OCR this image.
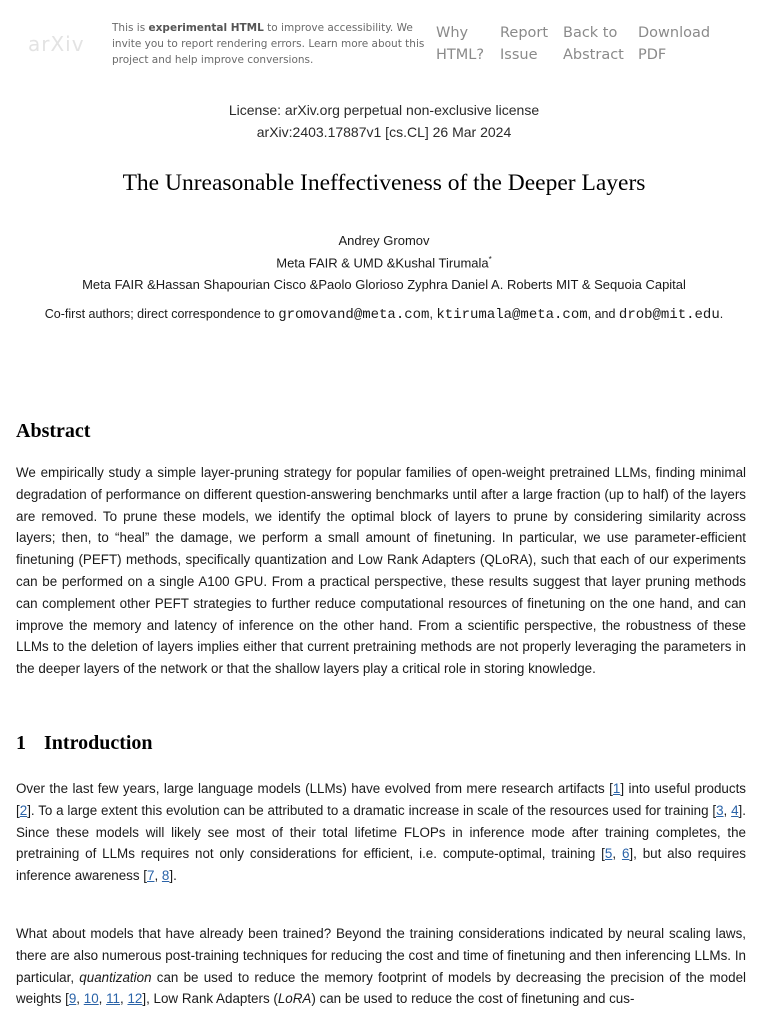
arXiv
This is experimental HTML to improve accessibility. We invite you to report rendering errors. Learn more about this project and help improve conversions.
Why
HTML?
Report
Issue
Back to
Abstract
Download
PDF
License: arXiv.org perpetual non-exclusive license
arXiv:2403.17887v1 [cs.CL] 26 Mar 2024
The Unreasonable Ineffectiveness of the Deeper Layers
Andrey Gromov
Meta FAIR & UMD &Kushal Tirumala*
Meta FAIR &Hassan Shapourian Cisco &Paolo Glorioso Zyphra Daniel A. Roberts MIT & Sequoia Capital
Co-first authors; direct correspondence to gromovand@meta.com, ktirumala@meta.com, and drob@mit.edu.
Abstract

We empirically study a simple layer-pruning strategy for popular families of open-weight pretrained LLMs, finding minimal degradation of performance on different question-answering benchmarks until after a large fraction (up to half) of the layers are removed. To prune these models, we identify the optimal block of layers to prune by considering similarity across layers; then, to “heal” the damage, we perform a small amount of finetuning. In particular, we use parameter-efficient finetuning (PEFT) methods, specifically quantization and Low Rank Adapters (QLoRA), such that each of our experiments can be performed on a single A100 GPU. From a practical perspective, these results suggest that layer pruning methods can complement other PEFT strategies to further reduce computational resources of finetuning on the one hand, and can improve the memory and latency of inference on the other hand. From a scientific perspective, the robustness of these LLMs to the deletion of layers implies either that current pretraining methods are not properly leveraging the parameters in the deeper layers of the network or that the shallow layers play a critical role in storing knowledge.

1 Introduction

Over the last few years, large language models (LLMs) have evolved from mere research artifacts [1] into useful products [2]. To a large extent this evolution can be attributed to a dramatic increase in scale of the resources used for training [3, 4]. Since these models will likely see most of their total lifetime FLOPs in inference mode after training completes, the pretraining of LLMs requires not only considerations for efficient, i.e. compute-optimal, training [5, 6], but also requires inference awareness [7, 8].

What about models that have already been trained? Beyond the training considerations indicated by neural scaling laws, there are also numerous post-training techniques for reducing the cost and time of finetuning and then inferencing LLMs. In particular, quantization can be used to reduce the memory footprint of models by decreasing the precision of the model weights [9, 10, 11, 12], Low Rank Adapters (LoRA) can be used to reduce the cost of finetuning and cus-
